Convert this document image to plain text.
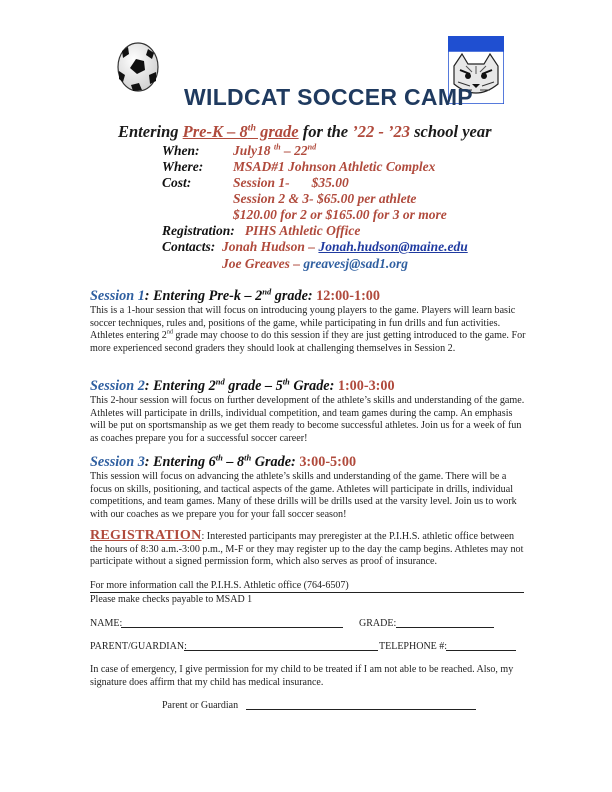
WILDCAT SOCCER CAMP
Entering Pre-K – 8th grade for the ’22 - ’23 school year
When: July18 $^{th}$ – 22nd
Where: MSAD#1 Johnson Athletic Complex
Cost:	Session 1- $35.00
Session 2 & 3- $65.00 per athlete
$120.00 for 2 or $165.00 for 3 or more
Registration: PIHS Athletic Office
Contacts: Jonah Hudson – Jonah.hudson@maine.edu
Joe Greaves – greavesj@sad1.org
Session 1: Entering Pre-k – 2nd grade: 12:00-1:00
This is a 1-hour session that will focus on introducing young players to the game. Players will learn basic soccer techniques, rules and, positions of the game, while participating in fun drills and fun activities. Athletes entering 2nd grade may choose to do this session if they are just getting introduced to the game. For more experienced second graders they should look at challenging themselves in Session 2.
Session 2: Entering 2nd grade – 5th Grade: 1:00-3:00
This 2-hour session will focus on further development of the athlete’s skills and understanding of the game. Athletes will participate in drills, individual competition, and team games during the camp. An emphasis will be put on sportsmanship as we get them ready to become successful athletes. Join us for a week of fun as coaches prepare you for a successful soccer career!
Session 3: Entering 6th – 8th Grade: 3:00-5:00
This session will focus on advancing the athlete’s skills and understanding of the game. There will be a focus on skills, positioning, and tactical aspects of the game. Athletes will participate in drills, individual competitions, and team games. Many of these drills will be drills used at the varsity level. Join us to work with our coaches as we prepare you for your fall soccer season!
REGISTRATION: Interested participants may preregister at the P.I.H.S. athletic office between the hours of 8:30 a.m.-3:00 p.m., M-F or they may register up to the day the camp begins. Athletes may not participate without a signed permission form, which also serves as proof of insurance.
For more information call the P.I.H.S. Athletic office (764-6507)
Please make checks payable to MSAD 1
NAME:	GRADE:
PARENT/GUARDIAN:	TELEPHONE #:
In case of emergency, I give permission for my child to be treated if I am not able to be reached. Also, my signature does affirm that my child has medical insurance.
Parent or Guardian
